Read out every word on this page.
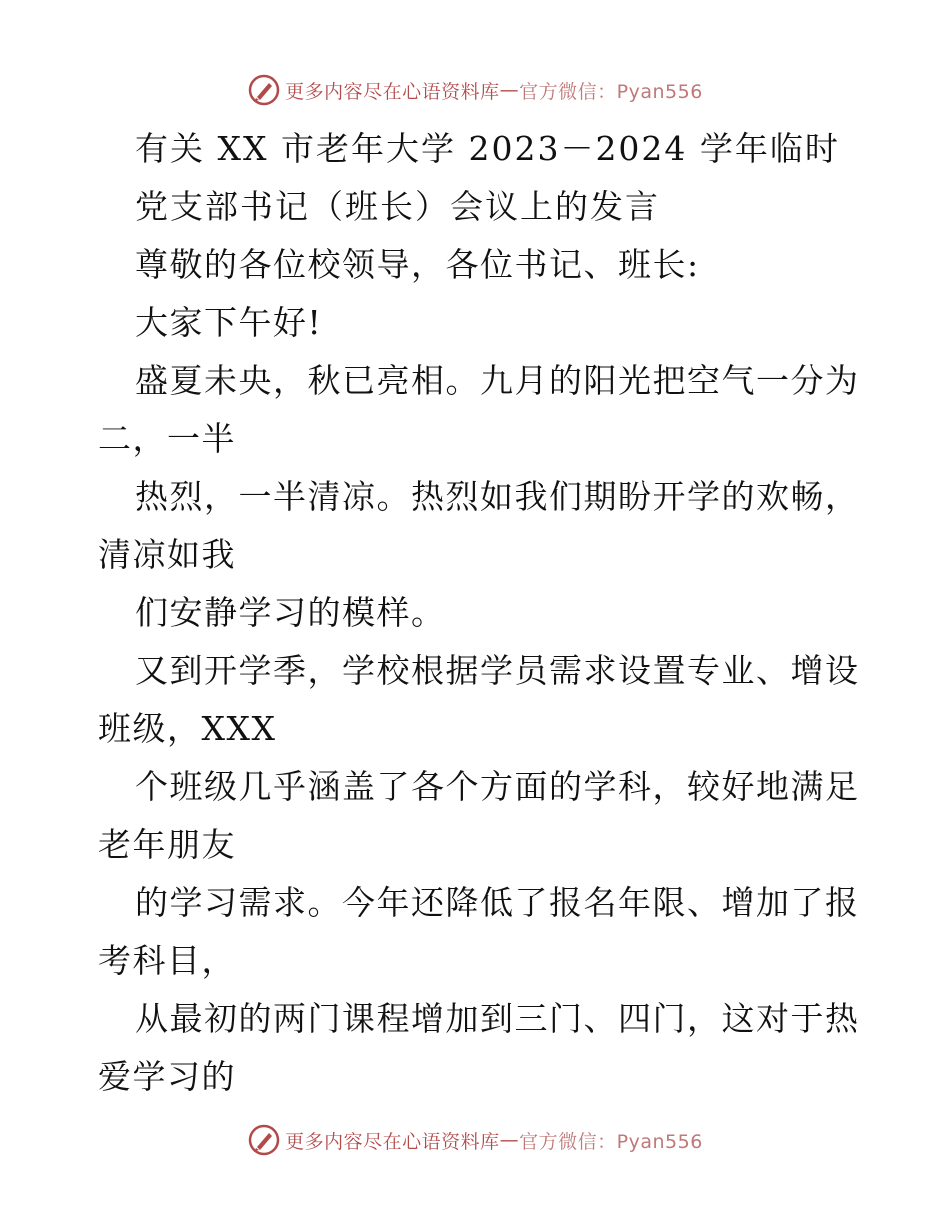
更多内容尽在心语资料库 — 官方微信：Pyan556
有关 XX 市老年大学 2023－2024 学年临时
党支部书记（班长）会议上的发言
尊敬的各位校领导，各位书记、班长:
大家下午好!
盛夏未央，秋已亮相。九月的阳光把空气一分为
二，一半
热烈，一半清凉。热烈如我们期盼开学的欢畅，
清凉如我
们安静学习的模样。
又到开学季，学校根据学员需求设置专业、增设
班级，XXX
个班级几乎涵盖了各个方面的学科，较好地满足
老年朋友
的学习需求。今年还降低了报名年限、增加了报
考科目，
从最初的两门课程增加到三门、四门，这对于热
爱学习的
更多内容尽在心语资料库 — 官方微信：Pyan556
